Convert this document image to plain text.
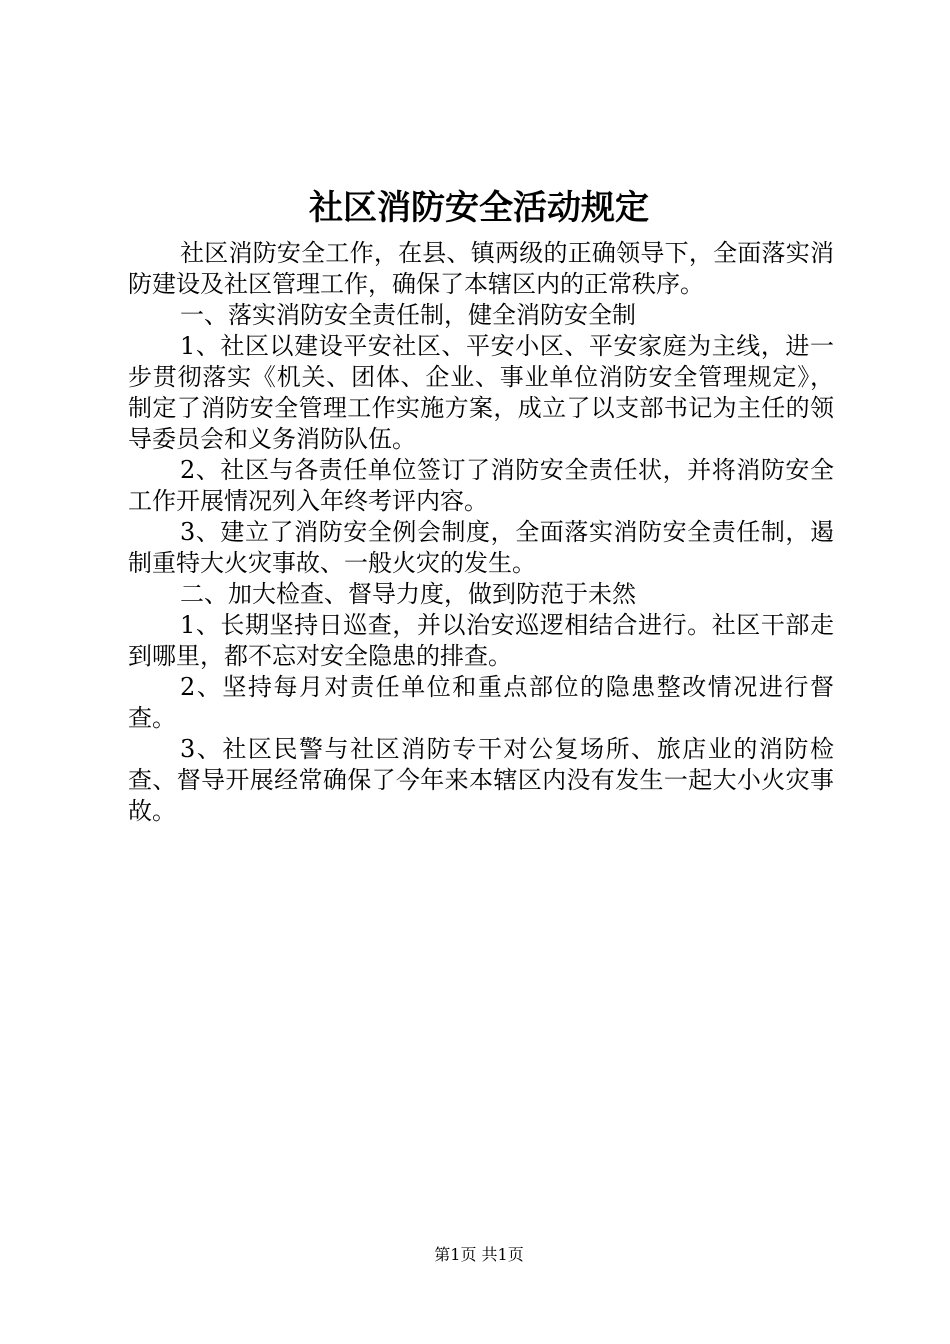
社区消防安全活动规定

社区消防安全工作，在县、镇两级的正确领导下，全面落实消防建设及社区管理工作，确保了本辖区内的正常秩序。

一、落实消防安全责任制，健全消防安全制

1、社区以建设平安社区、平安小区、平安家庭为主线，进一步贯彻落实《机关、团体、企业、事业单位消防安全管理规定》，制定了消防安全管理工作实施方案，成立了以支部书记为主任的领导委员会和义务消防队伍。

2、社区与各责任单位签订了消防安全责任状，并将消防安全工作开展情况列入年终考评内容。

3、建立了消防安全例会制度，全面落实消防安全责任制，遏制重特大火灾事故、一般火灾的发生。

二、加大检查、督导力度，做到防范于未然

1、长期坚持日巡查，并以治安巡逻相结合进行。社区干部走到哪里，都不忘对安全隐患的排查。

2、坚持每月对责任单位和重点部位的隐患整改情况进行督查。

3、社区民警与社区消防专干对公复场所、旅店业的消防检查、督导开展经常确保了今年来本辖区内没有发生一起大小火灾事故。

第1页 共1页
